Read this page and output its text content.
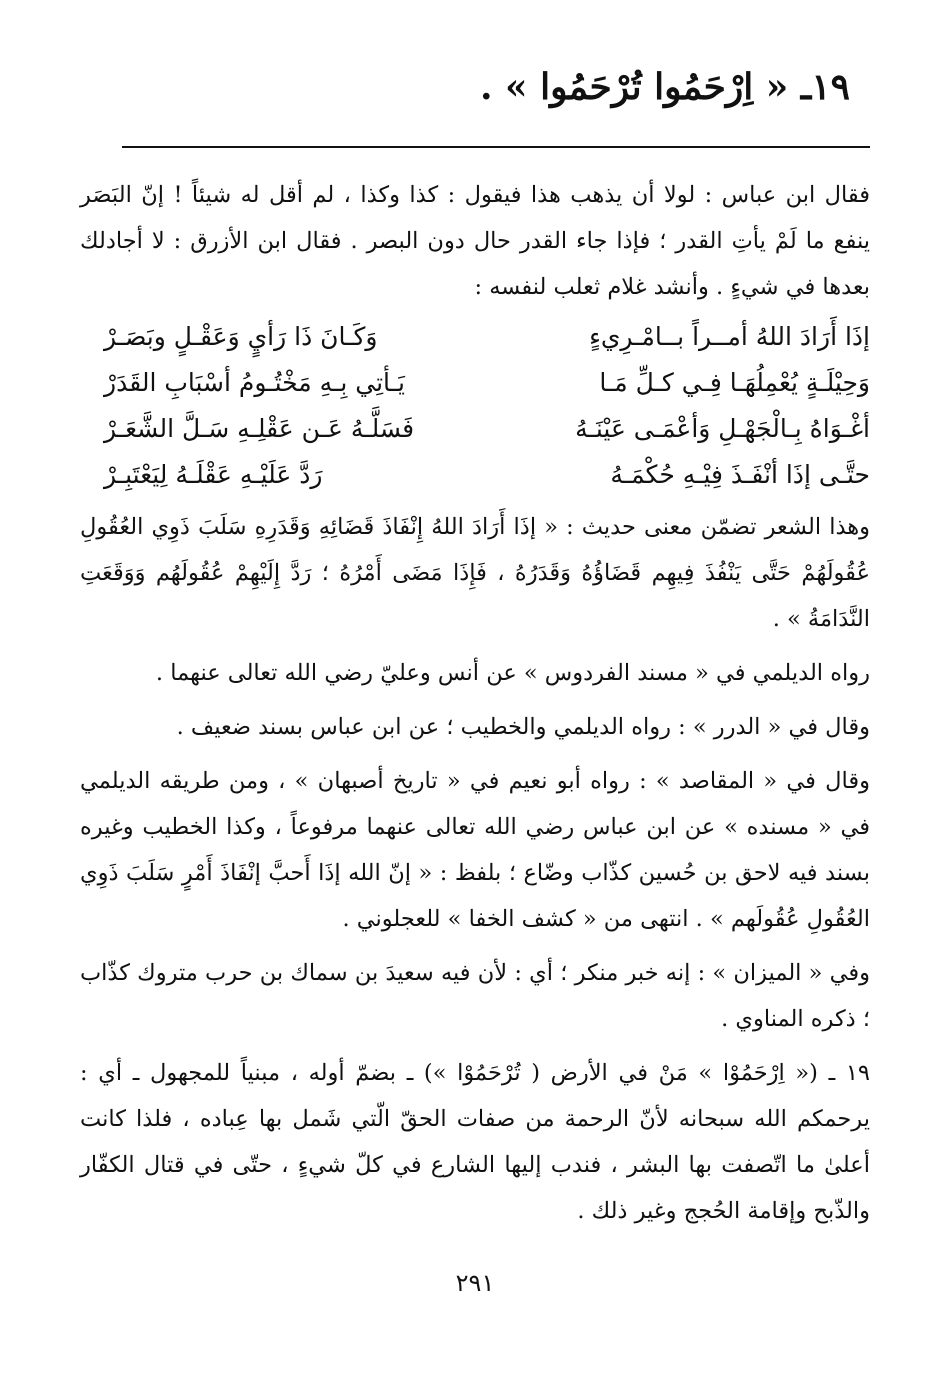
١٩ـ « اِرْحَمُوا تُرْحَمُوا » .

فقال ابن عباس : لولا أن يذهب هذا فيقول : كذا وكذا ، لم أقل له شيئاً ! إنّ البَصَر ينفع ما لَمْ يأتِ القدر ؛ فإذا جاء القدر حال دون البصر . فقال ابن الأزرق : لا أجادلك بعدها في شيءٍ . وأنشد غلام ثعلب لنفسه :

إذَا أَرَادَ اللهُ أمــراً بــامْـرِيءٍ
وَكَـانَ ذَا رَأيٍ وَعَقْـلٍ وبَصَـرْ
وَحِيْلَـةٍ يُعْمِلُهَـا فِـي كـلِّ مَـا
يَـأتِي بِـهِ مَخْتُـومُ أسْبَابِ القَدَرْ
أغْـوَاهُ بِـالْجَهْـلِ وَأعْمَـى عَيْنَـهُ
فَسَلَّـهُ عَـن عَقْلِـهِ سَـلَّ الشَّعَـرْ
حتَّـى إذَا أنْفَـذَ فِيْـهِ حُكْمَـهُ
رَدَّ عَلَيْـهِ عَقْلَـهُ لِيَعْتَبِـرْ

وهذا الشعر تضمّن معنى حديث : « إذَا أَرَادَ اللهُ إِنْفَاذَ قَضَائِهِ وَقَدَرِهِ سَلَبَ ذَوِي العُقُولِ عُقُولَهُمْ حَتَّى يَنْفُذَ فِيهِم قَضَاؤُهُ وَقَدَرُهُ ، فَإِذَا مَضَى أَمْرُهُ ؛ رَدَّ إِلَيْهِمْ عُقُولَهُم وَوَقَعَتِ النَّدَامَةُ » .

رواه الديلمي في « مسند الفردوس » عن أنس وعليّ رضي الله تعالى عنهما .

وقال في « الدرر » : رواه الديلمي والخطيب ؛ عن ابن عباس بسند ضعيف .

وقال في « المقاصد » : رواه أبو نعيم في « تاريخ أصبهان » ، ومن طريقه الديلمي في « مسنده » عن ابن عباس رضي الله تعالى عنهما مرفوعاً ، وكذا الخطيب وغيره بسند فيه لاحق بن حُسين كذّاب وضّاع ؛ بلفظ : « إنّ الله إذَا أَحبَّ إنْفَاذَ أَمْرٍ سَلَبَ ذَوِي العُقُولِ عُقُولَهم » . انتهى من « كشف الخفا » للعجلوني .

وفي « الميزان » : إنه خبر منكر ؛ أي : لأن فيه سعيدَ بن سماك بن حرب متروك كذّاب ؛ ذكره المناوي .

١٩ ـ (« اِرْحَمُوْا » مَنْ في الأرض ( تُرْحَمُوْا ») ـ بضمّ أوله ، مبنياً للمجهول ـ أي : يرحمكم الله سبحانه لأنّ الرحمة من صفات الحقّ الّتي شَمل بها عِباده ، فلذا كانت أعلىٰ ما اتّصفت بها البشر ، فندب إليها الشارع في كلّ شيءٍ ، حتّى في قتال الكفّار والذّبح وإقامة الحُجج وغير ذلك .

٢٩١
